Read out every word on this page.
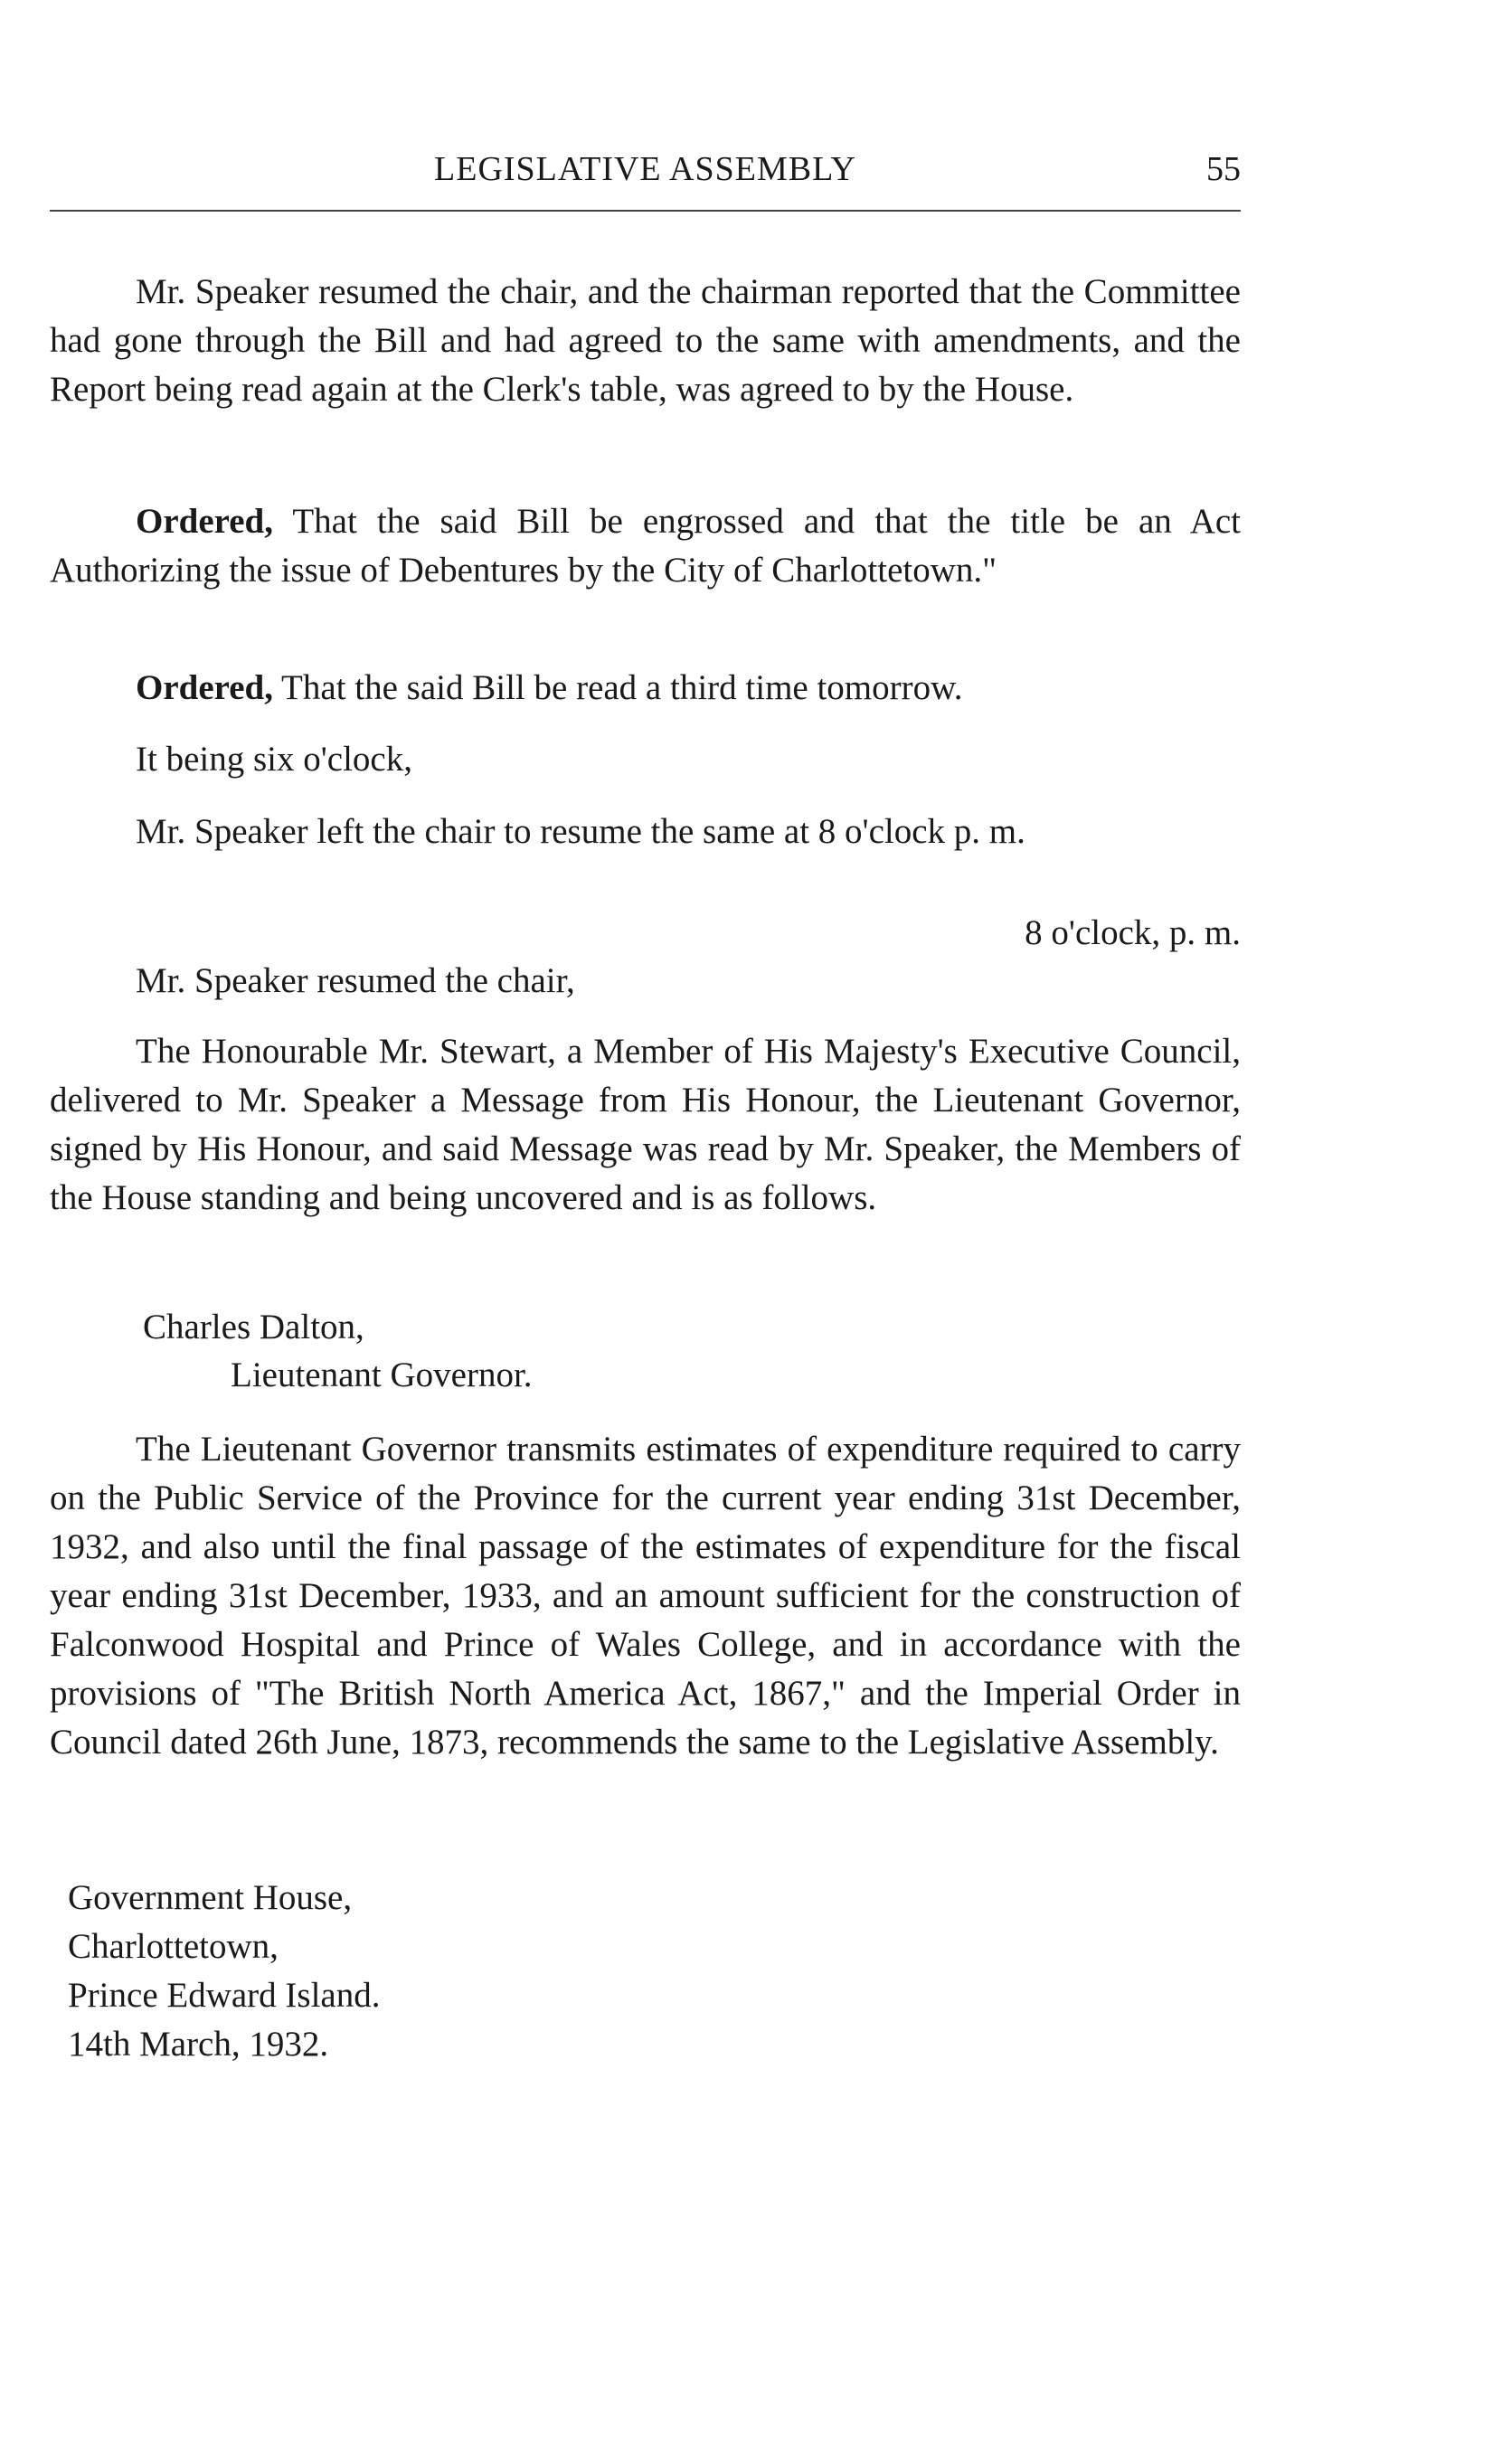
LEGISLATIVE ASSEMBLY	55

Mr. Speaker resumed the chair, and the chairman reported that the Committee had gone through the Bill and had agreed to the same with amendments, and the Report being read again at the Clerk's table, was agreed to by the House.

Ordered, That the said Bill be engrossed and that the title be an Act Authorizing the issue of Debentures by the City of Charlottetown."

Ordered, That the said Bill be read a third time tomorrow.

It being six o'clock,

Mr. Speaker left the chair to resume the same at 8 o'clock p. m.

8 o'clock, p. m.

Mr. Speaker resumed the chair,

The Honourable Mr. Stewart, a Member of His Majesty's Executive Council, delivered to Mr. Speaker a Message from His Honour, the Lieutenant Governor, signed by His Honour, and said Message was read by Mr. Speaker, the Members of the House standing and being uncovered and is as follows.

Charles Dalton,

Lieutenant Governor.

The Lieutenant Governor transmits estimates of expenditure required to carry on the Public Service of the Province for the current year ending 31st December, 1932, and also until the final passage of the estimates of expenditure for the fiscal year ending 31st December, 1933, and an amount sufficient for the construction of Falconwood Hospital and Prince of Wales College, and in accordance with the provisions of "The British North America Act, 1867," and the Imperial Order in Council dated 26th June, 1873, recommends the same to the Legislative Assembly.

Government House,

Charlottetown,

Prince Edward Island.

14th March, 1932.
